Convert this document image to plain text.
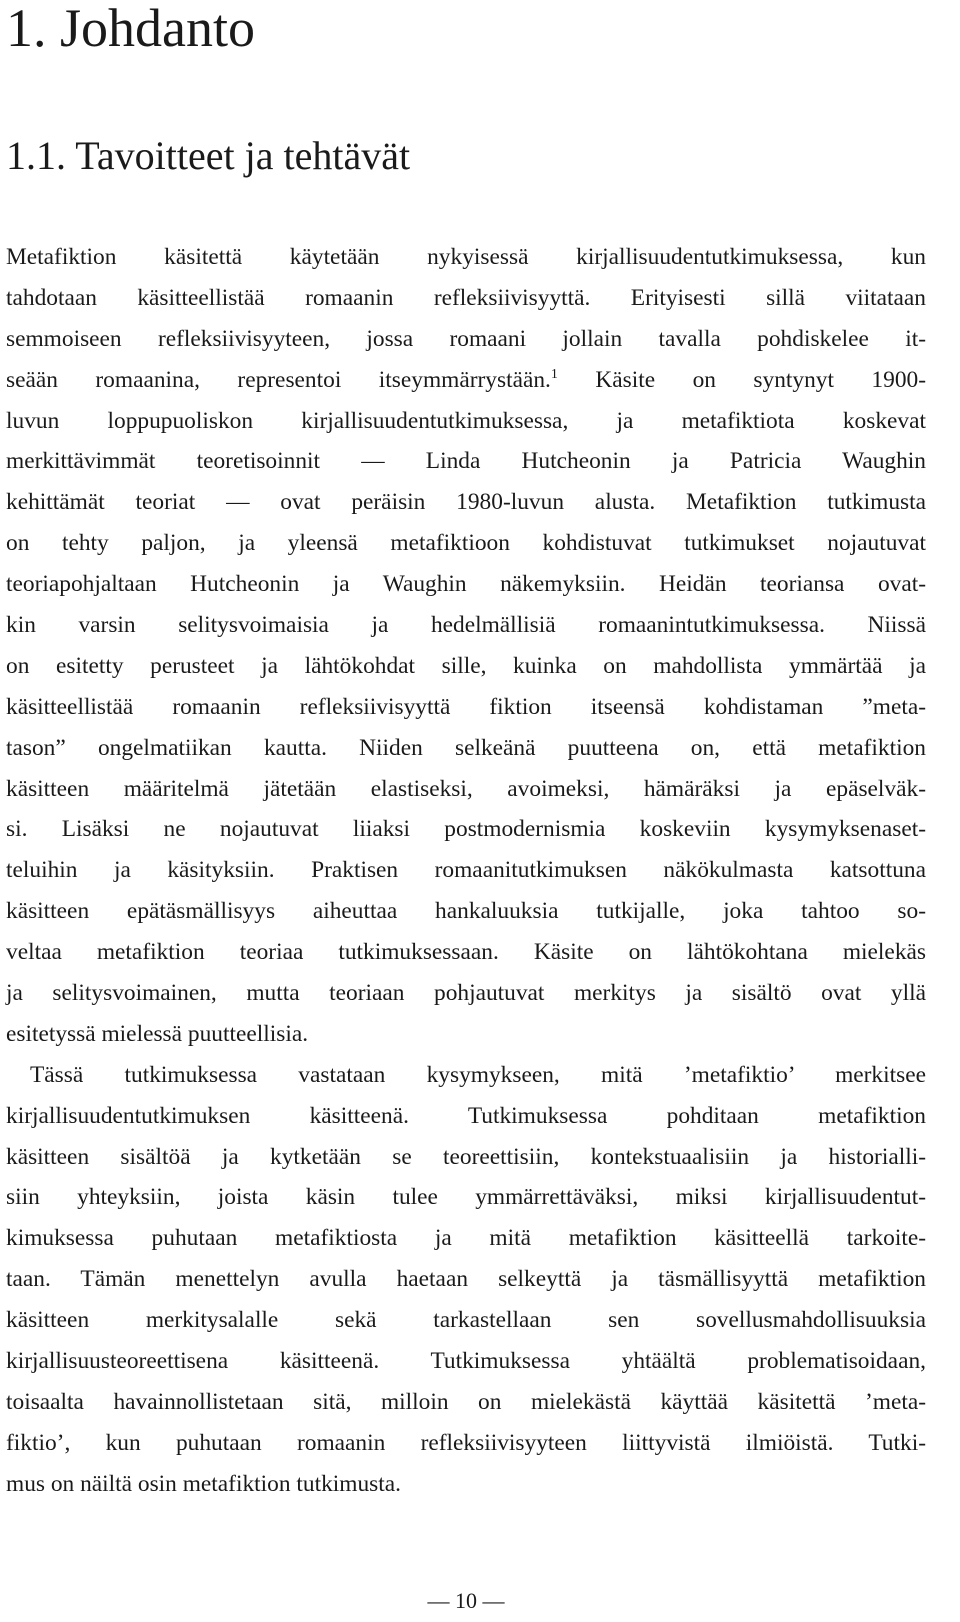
1. Johdanto
1.1. Tavoitteet ja tehtävät
Metafiktion käsitettä käytetään nykyisessä kirjallisuudentutkimuksessa, kun
tahdotaan käsitteellistää romaanin refleksiivisyyttä. Erityisesti sillä viitataan
semmoiseen refleksiivisyyteen, jossa romaani jollain tavalla pohdiskelee it-
seään romaanina, representoi itseymmärrystään.$^1$ Käsite on syntynyt 1900-
luvun loppupuoliskon kirjallisuudentutkimuksessa, ja metafiktiota koskevat
merkittävimmät teoretisoinnit — Linda Hutcheonin ja Patricia Waughin
kehittämät teoriat — ovat peräisin 1980-luvun alusta. Metafiktion tutkimusta
on tehty paljon, ja yleensä metafiktioon kohdistuvat tutkimukset nojautuvat
teoriapohjaltaan Hutcheonin ja Waughin näkemyksiin. Heidän teoriansa ovat-
kin varsin selitysvoimaisia ja hedelmällisiä romaanintutkimuksessa. Niissä
on esitetty perusteet ja lähtökohdat sille, kuinka on mahdollista ymmärtää ja
käsitteellistää romaanin refleksiivisyyttä fiktion itseensä kohdistaman ”meta-
tason” ongelmatiikan kautta. Niiden selkeänä puutteena on, että metafiktion
käsitteen määritelmä jätetään elastiseksi, avoimeksi, hämäräksi ja epäselväk-
si. Lisäksi ne nojautuvat liiaksi postmodernismia koskeviin kysymyksenaset-
teluihin ja käsityksiin. Praktisen romaanitutkimuksen näkökulmasta katsottuna
käsitteen epätäsmällisyys aiheuttaa hankaluuksia tutkijalle, joka tahtoo so-
veltaa metafiktion teoriaa tutkimuksessaan. Käsite on lähtökohtana mielekäs
ja selitysvoimainen, mutta teoriaan pohjautuvat merkitys ja sisältö ovat yllä
esitetyssä mielessä puutteellisia.
Tässä tutkimuksessa vastataan kysymykseen, mitä ’metafiktio’ merkitsee
kirjallisuudentutkimuksen käsitteenä. Tutkimuksessa pohditaan metafiktion
käsitteen sisältöä ja kytketään se teoreettisiin, kontekstuaalisiin ja historialli-
siin yhteyksiin, joista käsin tulee ymmärrettäväksi, miksi kirjallisuudentut-
kimuksessa puhutaan metafiktiosta ja mitä metafiktion käsitteellä tarkoite-
taan. Tämän menettelyn avulla haetaan selkeyttä ja täsmällisyyttä metafiktion
käsitteen merkitysalalle sekä tarkastellaan sen sovellusmahdollisuuksia
kirjallisuusteoreettisena käsitteenä. Tutkimuksessa yhtäältä problematisoidaan,
toisaalta havainnollistetaan sitä, milloin on mielekästä käyttää käsitettä ’meta-
fiktio’, kun puhutaan romaanin refleksiivisyyteen liittyvistä ilmiöistä. Tutki-
mus on näiltä osin metafiktion tutkimusta.
— 10 —
